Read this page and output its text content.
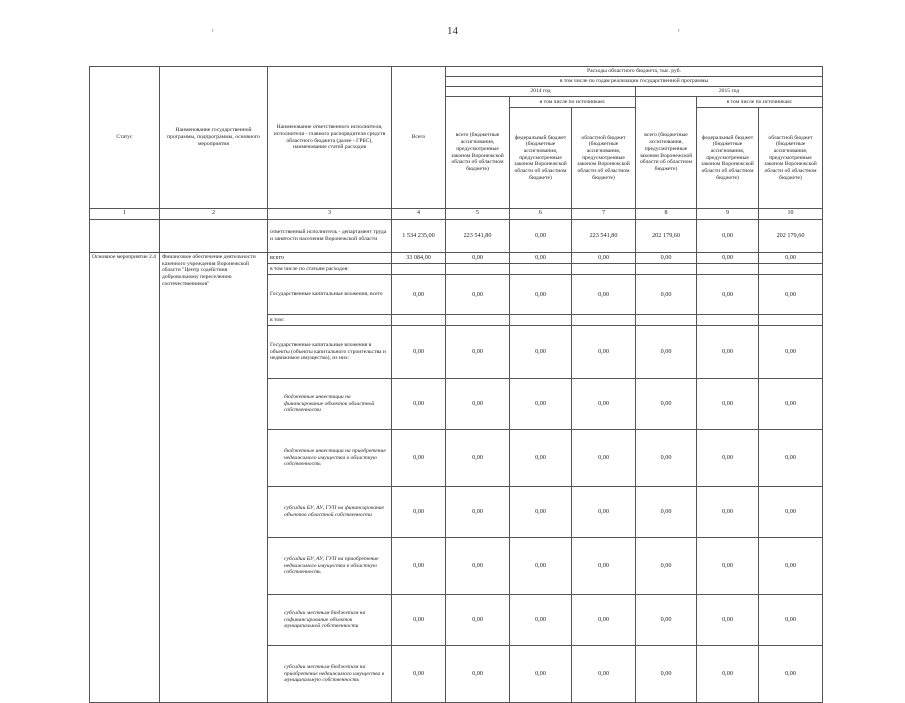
14
'	'
Статус	Наименование государственной программы, подпрограммы, основного мероприятия	Наименование ответственного исполнителя, исполнителя - главного распорядителя средств областного бюджета (далее - ГРБС), наименование статей расходов	Всего	Расходы областного бюджета, тыс. руб.					
				в том числе по годам реализации государственной программы					
				2014 год			2015 год		
				всего (бюджетные ассигнования, предусмотренные законом Воронежской области об областном бюджете)	в том числе по источникам:		всего (бюджетные ассигнования, предусмотренные законом Воронежской области об областном бюджете)	в том числе по источникам:	
					федеральный бюджет (бюджетные ассигнования, предусмотренные законом Воронежской области об областном бюджете)	областной бюджет (бюджетные ассигнования, предусмотренные законом Воронежской области об областном бюджете)		федеральный бюджет (бюджетные ассигнования, предусмотренные законом Воронежской области об областном бюджете)	областной бюджет (бюджетные ассигнования, предусмотренные законом Воронежской области об областном бюджете)
1	2	3	4	5	6	7	8	9	10
		ответственный исполнитель - департамент труда и занятости населения Воронежской области	1 534 235,00	223 541,80	0,00	223 541,80	202 179,60	0,00	202 179,60
Основное мероприятие 2.4	Финансовое обеспечение деятельности казенного учреждения Воронежской области "Центр содействия добровольному переселению соотечественников"	всего	33 084,00	0,00	0,00	0,00	0,00	0,00	0,00
		в том числе по статьям расходов:							
		Государственные капитальные вложения, всего	0,00	0,00	0,00	0,00	0,00	0,00	0,00
		в том:							
		Государственные капитальные вложения в объекты (объекты капитального строительства и недвижимое имущество), из них:	0,00	0,00	0,00	0,00	0,00	0,00	0,00
		бюджетные инвестиции на финансирование объектов областной собственности	0,00	0,00	0,00	0,00	0,00	0,00	0,00
		бюджетные инвестиции на приобретение недвижимого имущества в областную собственность	0,00	0,00	0,00	0,00	0,00	0,00	0,00
		субсидии БУ, АУ, ГУП на финансирование объектов областной собственности	0,00	0,00	0,00	0,00	0,00	0,00	0,00
		субсидии БУ, АУ, ГУП на приобретение недвижимого имущества в областную собственность	0,00	0,00	0,00	0,00	0,00	0,00	0,00
		субсидии местным бюджетам на софинансирование объектов муниципальной собственности	0,00	0,00	0,00	0,00	0,00	0,00	0,00
		субсидии местным бюджетам на приобретение недвижимого имущества в муниципальную собственность	0,00	0,00	0,00	0,00	0,00	0,00	0,00
